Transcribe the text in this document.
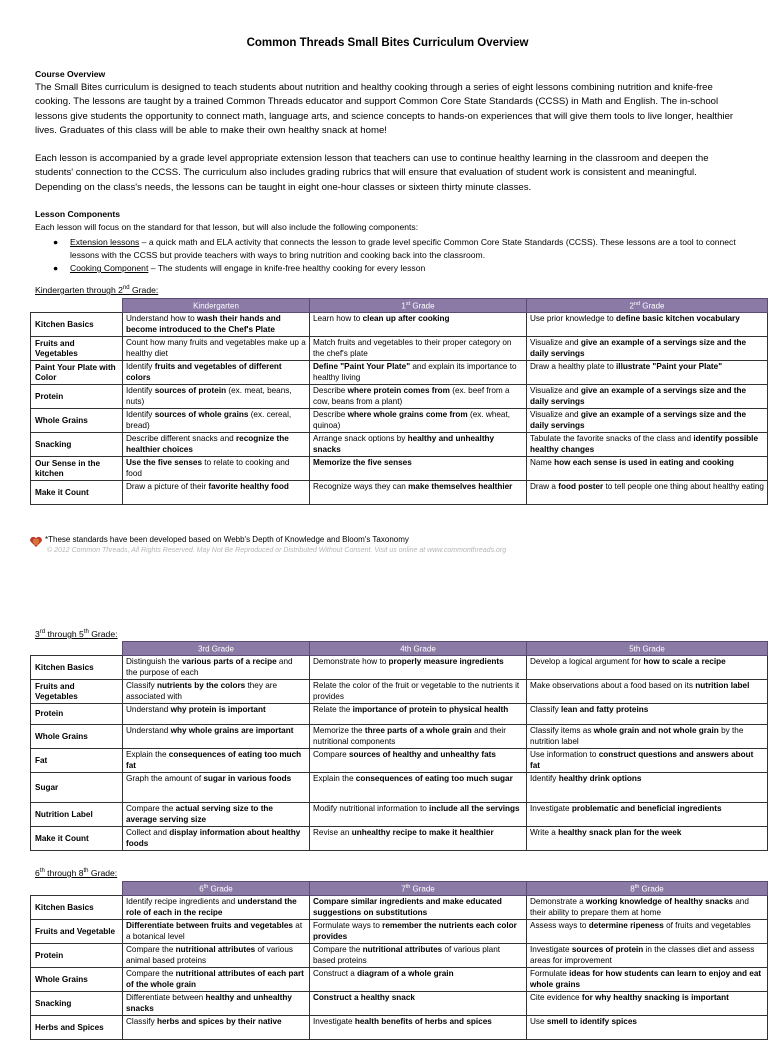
Common Threads Small Bites Curriculum Overview
Course Overview
The Small Bites curriculum is designed to teach students about nutrition and healthy cooking through a series of eight lessons combining nutrition and knife-free cooking. The lessons are taught by a trained Common Threads educator and support Common Core State Standards (CCSS) in Math and English. The in-school lessons give students the opportunity to connect math, language arts, and science concepts to hands-on experiences that will give them tools to live longer, healthier lives. Graduates of this class will be able to make their own healthy snack at home!
Each lesson is accompanied by a grade level appropriate extension lesson that teachers can use to continue healthy learning in the classroom and deepen the students' connection to the CCSS. The curriculum also includes grading rubrics that will ensure that evaluation of student work is consistent and meaningful. Depending on the class's needs, the lessons can be taught in eight one-hour classes or sixteen thirty minute classes.
Lesson Components
Each lesson will focus on the standard for that lesson, but will also include the following components:
● Extension lessons – a quick math and ELA activity that connects the lesson to grade level specific Common Core State Standards (CCSS). These lessons are a tool to connect lessons with the CCSS but provide teachers with ways to bring nutrition and cooking back into the classroom.
● Cooking Component – The students will engage in knife-free healthy cooking for every lesson
Kindergarten through 2nd Grade:
	Kindergarten	1st Grade	2nd Grade
Kitchen Basics	Understand how to wash their hands and become introduced to the Chef's Plate	Learn how to clean up after cooking	Use prior knowledge to define basic kitchen vocabulary
Fruits and Vegetables	Count how many fruits and vegetables make up a healthy diet	Match fruits and vegetables to their proper category on the chef's plate	Visualize and give an example of a servings size and the daily servings
Paint Your Plate with Color	Identify fruits and vegetables of different colors	Define "Paint Your Plate" and explain its importance to healthy living	Draw a healthy plate to illustrate "Paint your Plate"
Protein	Identify sources of protein (ex. meat, beans, nuts)	Describe where protein comes from (ex. beef from a cow, beans from a plant)	Visualize and give an example of a servings size and the daily servings
Whole Grains	Identify sources of whole grains (ex. cereal, bread)	Describe where whole grains come from (ex. wheat, quinoa)	Visualize and give an example of a servings size and the daily servings
Snacking	Describe different snacks and recognize the healthier choices	Arrange snack options by healthy and unhealthy snacks	Tabulate the favorite snacks of the class and identify possible healthy changes
Our Sense in the kitchen	Use the five senses to relate to cooking and food	Memorize the five senses	Name how each sense is used in eating and cooking
Make it Count	Draw a picture of their favorite healthy food	Recognize ways they can make themselves healthier	Draw a food poster to tell people one thing about healthy eating
*These standards have been developed based on Webb's Depth of Knowledge and Bloom's Taxonomy
© 2012 Common Threads, All Rights Reserved. May Not Be Reproduced or Distributed Without Consent. Visit us online at www.commonthreads.org
3rd through 5th Grade:
	3rd Grade	4th Grade	5th Grade
Kitchen Basics	Distinguish the various parts of a recipe and the purpose of each	Demonstrate how to properly measure ingredients	Develop a logical argument for how to scale a recipe
Fruits and Vegetables	Classify nutrients by the colors they are associated with	Relate the color of the fruit or vegetable to the nutrients it provides	Make observations about a food based on its nutrition label
Protein	Understand why protein is important	Relate the importance of protein to physical health	Classify lean and fatty proteins
Whole Grains	Understand why whole grains are important	Memorize the three parts of a whole grain and their nutritional components	Classify items as whole grain and not whole grain by the nutrition label
Fat	Explain the consequences of eating too much fat	Compare sources of healthy and unhealthy fats	Use information to construct questions and answers about fat
Sugar	Graph the amount of sugar in various foods	Explain the consequences of eating too much sugar	Identify healthy drink options
Nutrition Label	Compare the actual serving size to the average serving size	Modify nutritional information to include all the servings	Investigate problematic and beneficial ingredients
Make it Count	Collect and display information about healthy foods	Revise an unhealthy recipe to make it healthier	Write a healthy snack plan for the week
6th through 8th Grade:
	6th Grade	7th Grade	8th Grade
Kitchen Basics	Identify recipe ingredients and understand the role of each in the recipe	Compare similar ingredients and make educated suggestions on substitutions	Demonstrate a working knowledge of healthy snacks and their ability to prepare them at home
Fruits and Vegetable	Differentiate between fruits and vegetables at a botanical level	Formulate ways to remember the nutrients each color provides	Assess ways to determine ripeness of fruits and vegetables
Protein	Compare the nutritional attributes of various animal based proteins	Compare the nutritional attributes of various plant based proteins	Investigate sources of protein in the classes diet and assess areas for improvement
Whole Grains	Compare the nutritional attributes of each part of the whole grain	Construct a diagram of a whole grain	Formulate ideas for how students can learn to enjoy and eat whole grains
Snacking	Differentiate between healthy and unhealthy snacks	Construct a healthy snack	Cite evidence for why healthy snacking is important
Herbs and Spices	Classify herbs and spices by their native	Investigate health benefits of herbs and spices	Use smell to identify spices
